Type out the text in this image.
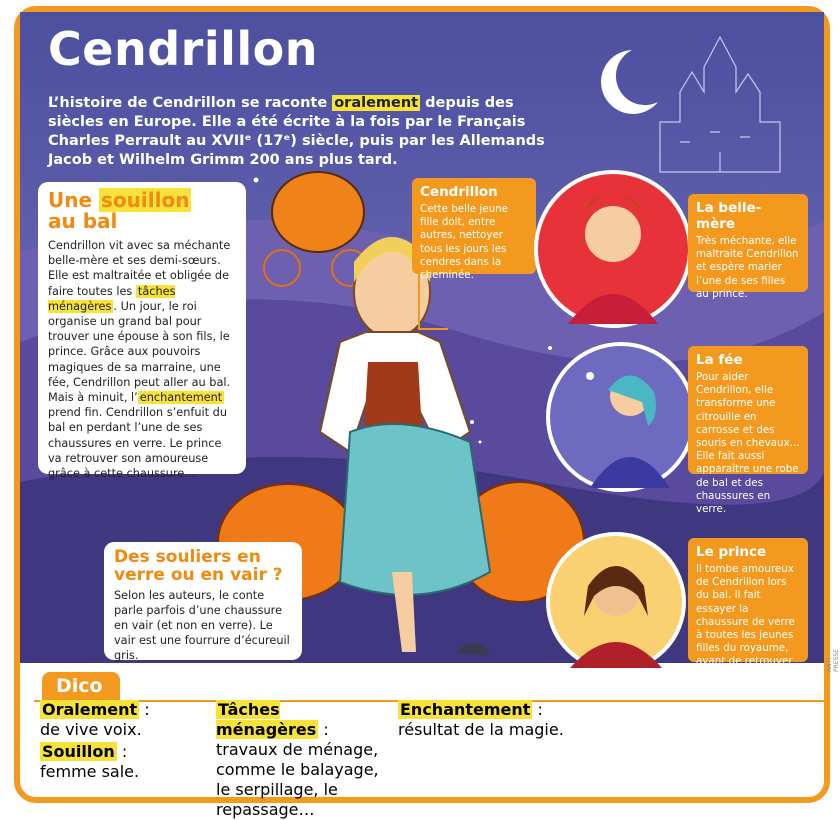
Cendrillon

L’histoire de Cendrillon se raconte oralement depuis des siècles en Europe. Elle a été écrite à la fois par le Français Charles Perrault au XVIIᵉ (17ᵉ) siècle, puis par les Allemands Jacob et Wilhelm Grimm 200 ans plus tard.

Une souillon
au bal

Cendrillon vit avec sa méchante belle-mère et ses demi-sœurs. Elle est maltraitée et obligée de faire toutes les tâches ménagères . Un jour, le roi organise un grand bal pour trouver une épouse à son fils, le prince. Grâce aux pouvoirs magiques de sa marraine, une fée, Cendrillon peut aller au bal. Mais à minuit, l’ enchantement prend fin. Cendrillon s’enfuit du bal en perdant l’une de ses chaussures en verre. Le prince va retrouver son amoureuse grâce à cette chaussure…

Des souliers en verre ou en vair ?

Selon les auteurs, le conte parle parfois d’une chaussure en vair (et non en verre). Le vair est une fourrure d’écureuil gris.

Cendrillon
Cette belle jeune fille doit, entre autres, nettoyer tous les jours les cendres dans la cheminée.
La belle-mère
Très méchante, elle maltraite Cendrillon et espère marier l’une de ses filles au prince.
La fée
Pour aider Cendrillon, elle transforme une citrouille en carrosse et des souris en chevaux… Elle fait aussi apparaître une robe de bal et des chaussures en verre.
Le prince
Il tombe amoureux de Cendrillon lors du bal. Il fait essayer la chaussure de verre à toutes les jeunes filles du royaume, avant de retrouver Cendrillon.
ANTI PRESSE
Dico
Oralement :
de vive voix.
Souillon :
femme sale.
Tâches ménagères :
travaux de ménage, comme le balayage, le serpillage, le repassage…
Enchantement :
résultat de la magie.
